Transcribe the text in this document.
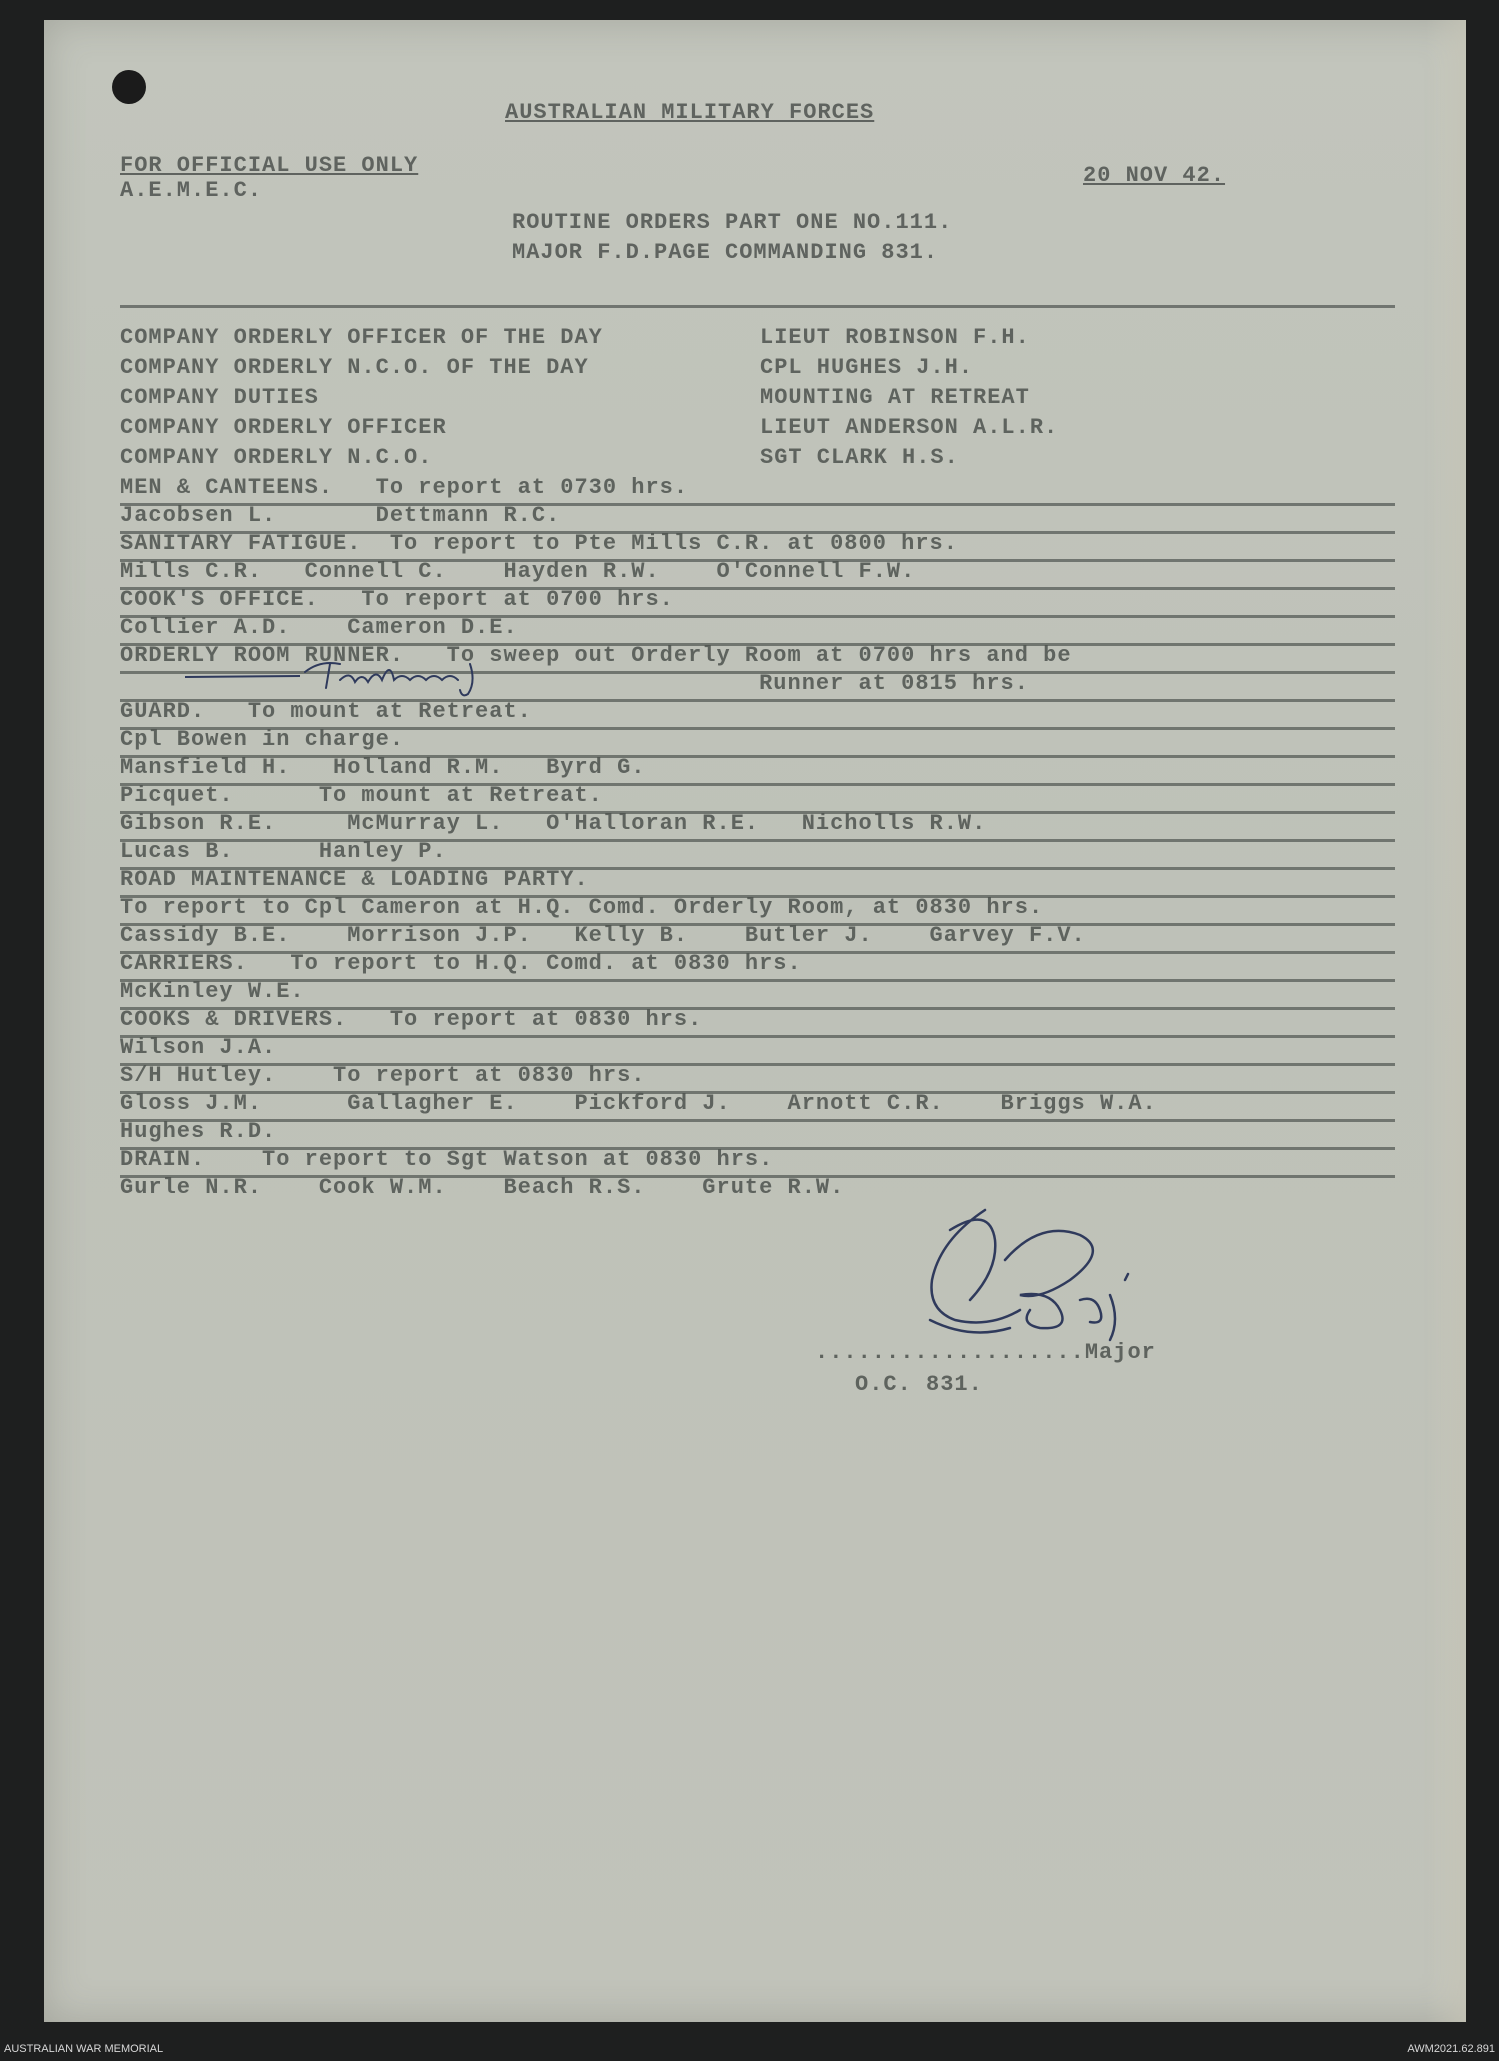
AUSTRALIAN MILITARY FORCES
FOR OFFICIAL USE ONLY
A.E.M.E.C.
20 NOV 42.
ROUTINE ORDERS PART ONE NO.111.
MAJOR F.D.PAGE COMMANDING 831.
COMPANY ORDERLY OFFICER OF THE DAY	LIEUT ROBINSON F.H.
COMPANY ORDERLY N.C.O. OF THE DAY	CPL HUGHES J.H.
COMPANY DUTIES	MOUNTING AT RETREAT
COMPANY ORDERLY OFFICER	LIEUT ANDERSON A.L.R.
COMPANY ORDERLY N.C.O.	SGT CLARK H.S.
MEN & CANTEENS.   To report at 0730 hrs.
Jacobsen L.       Dettmann R.C.
SANITARY FATIGUE.  To report to Pte Mills C.R. at 0800 hrs.
Mills C.R.   Connell C.    Hayden R.W.    O'Connell F.W.
COOK'S OFFICE.   To report at 0700 hrs.
Collier A.D.    Cameron D.E.
ORDERLY ROOM RUNNER.   To sweep out Orderly Room at 0700 hrs and be
Runner at 0815 hrs.
GUARD.   To mount at Retreat.
Cpl Bowen in charge.
Mansfield H.   Holland R.M.   Byrd G.
Picquet.      To mount at Retreat.
Gibson R.E.     McMurray L.   O'Halloran R.E.   Nicholls R.W.
Lucas B.      Hanley P.
ROAD MAINTENANCE & LOADING PARTY.
To report to Cpl Cameron at H.Q. Comd. Orderly Room, at 0830 hrs.
Cassidy B.E.    Morrison J.P.   Kelly B.    Butler J.    Garvey F.V.
CARRIERS.   To report to H.Q. Comd. at 0830 hrs.
McKinley W.E.
COOKS & DRIVERS.   To report at 0830 hrs.
Wilson J.A.
S/H Hutley.    To report at 0830 hrs.
Gloss J.M.      Gallagher E.    Pickford J.    Arnott C.R.    Briggs W.A.
Hughes R.D.
DRAIN.    To report to Sgt Watson at 0830 hrs.
Gurle N.R.    Cook W.M.    Beach R.S.    Grute R.W.
...................Major
O.C. 831.
AUSTRALIAN WAR MEMORIAL	AWM2021.62.891
